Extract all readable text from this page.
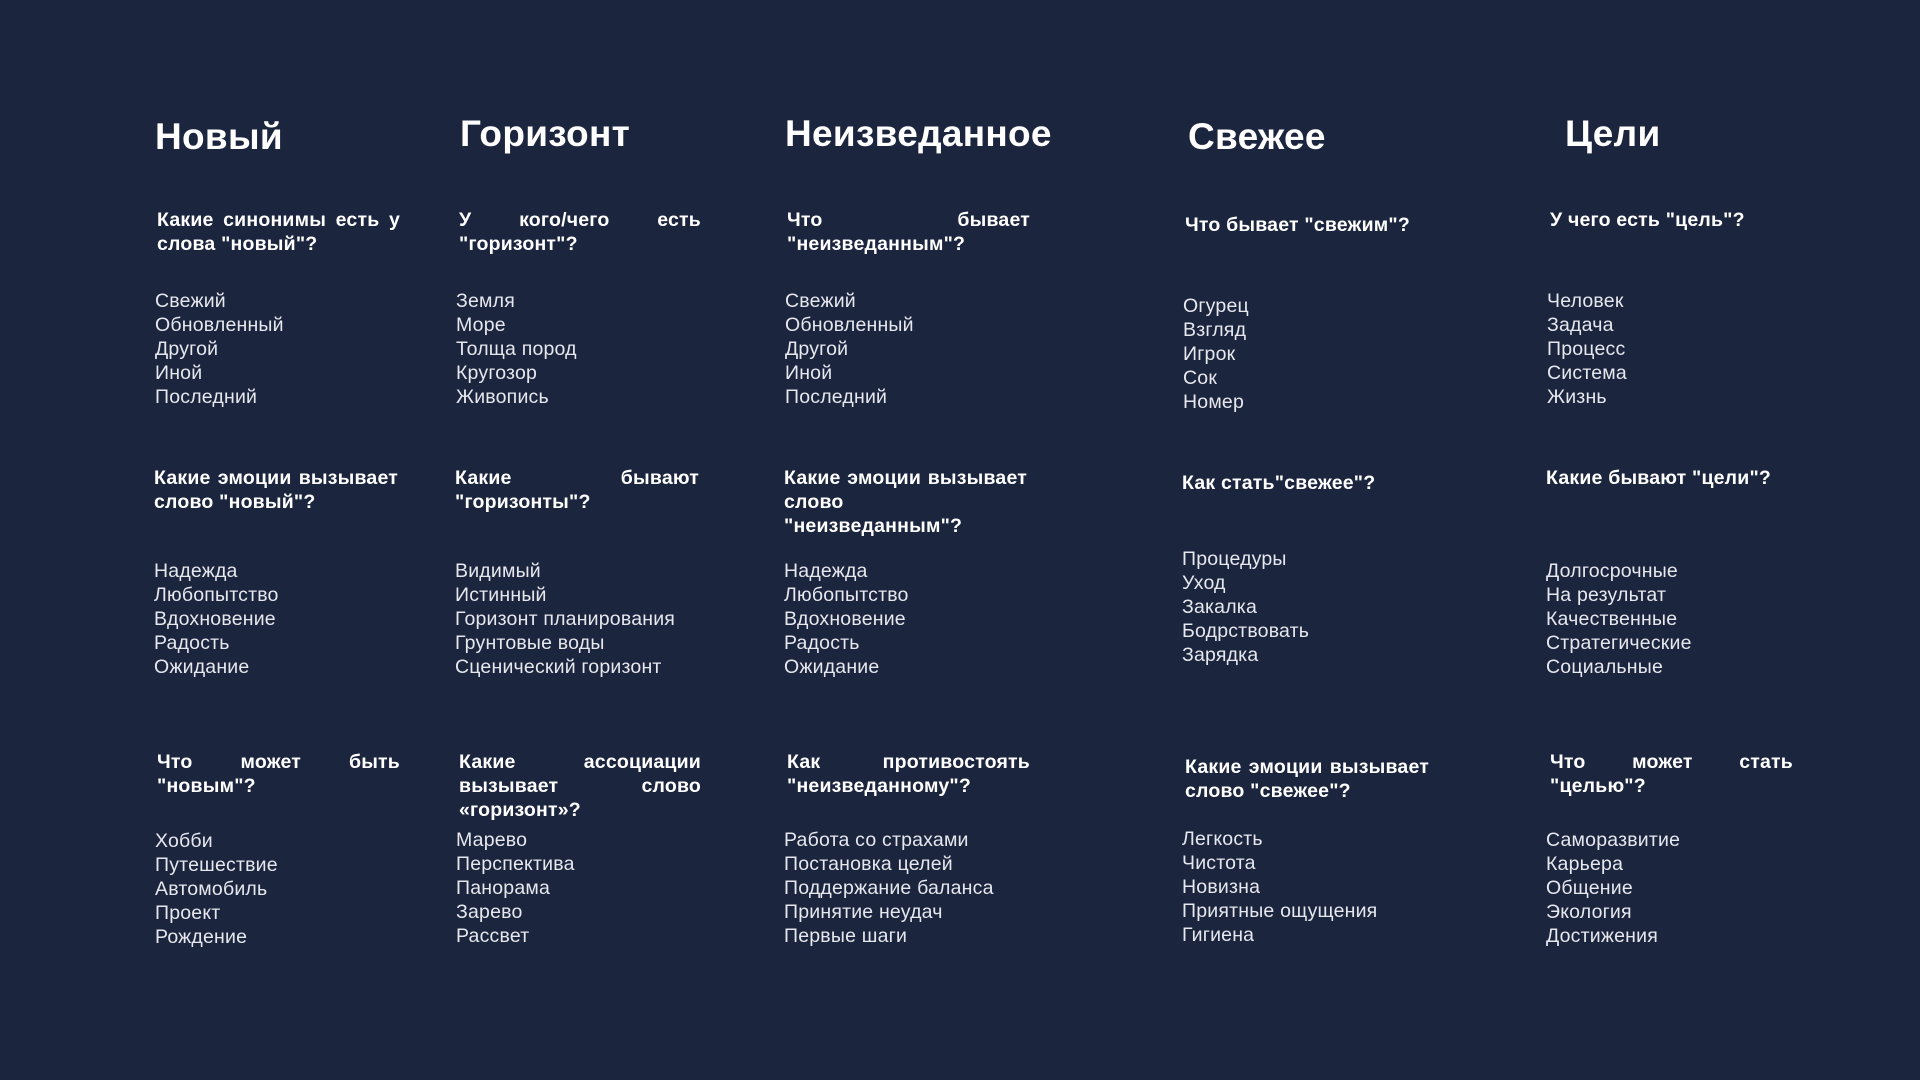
Новый
Какие синонимы есть у слова "новый"?
Свежий
Обновленный
Другой
Иной
Последний
Какие эмоции вызывает слово "новый"?
Надежда
Любопытство
Вдохновение
Радость
Ожидание
Что может быть "новым"?
Хобби
Путешествие
Автомобиль
Проект
Рождение
Горизонт
У кого/чего есть "горизонт"?
Земля
Море
Толща пород
Кругозор
Живопись
Какие бывают "горизонты"?
Видимый
Истинный
Горизонт планирования
Грунтовые воды
Сценический горизонт
Какие ассоциации вызывает слово «горизонт»?
Марево
Перспектива
Панорама
Зарево
Рассвет
Неизведанное
Что бывает "неизведанным"?
Свежий
Обновленный
Другой
Иной
Последний
Какие эмоции вызывает слово "неизведанным"?
Надежда
Любопытство
Вдохновение
Радость
Ожидание
Как противостоять "неизведанному"?
Работа со страхами
Постановка целей
Поддержание баланса
Принятие неудач
Первые шаги
Свежее
Что бывает "свежим"?
Огурец
Взгляд
Игрок
Сок
Номер
Как стать"свежее"?
Процедуры
Уход
Закалка
Бодрствовать
Зарядка
Какие эмоции вызывает слово "свежее"?
Легкость
Чистота
Новизна
Приятные ощущения
Гигиена
Цели
У чего есть "цель"?
Человек
Задача
Процесс
Система
Жизнь
Какие бывают "цели"?
Долгосрочные
На результат
Качественные
Стратегические
Социальные
Что может стать "целью"?
Саморазвитие
Карьера
Общение
Экология
Достижения
